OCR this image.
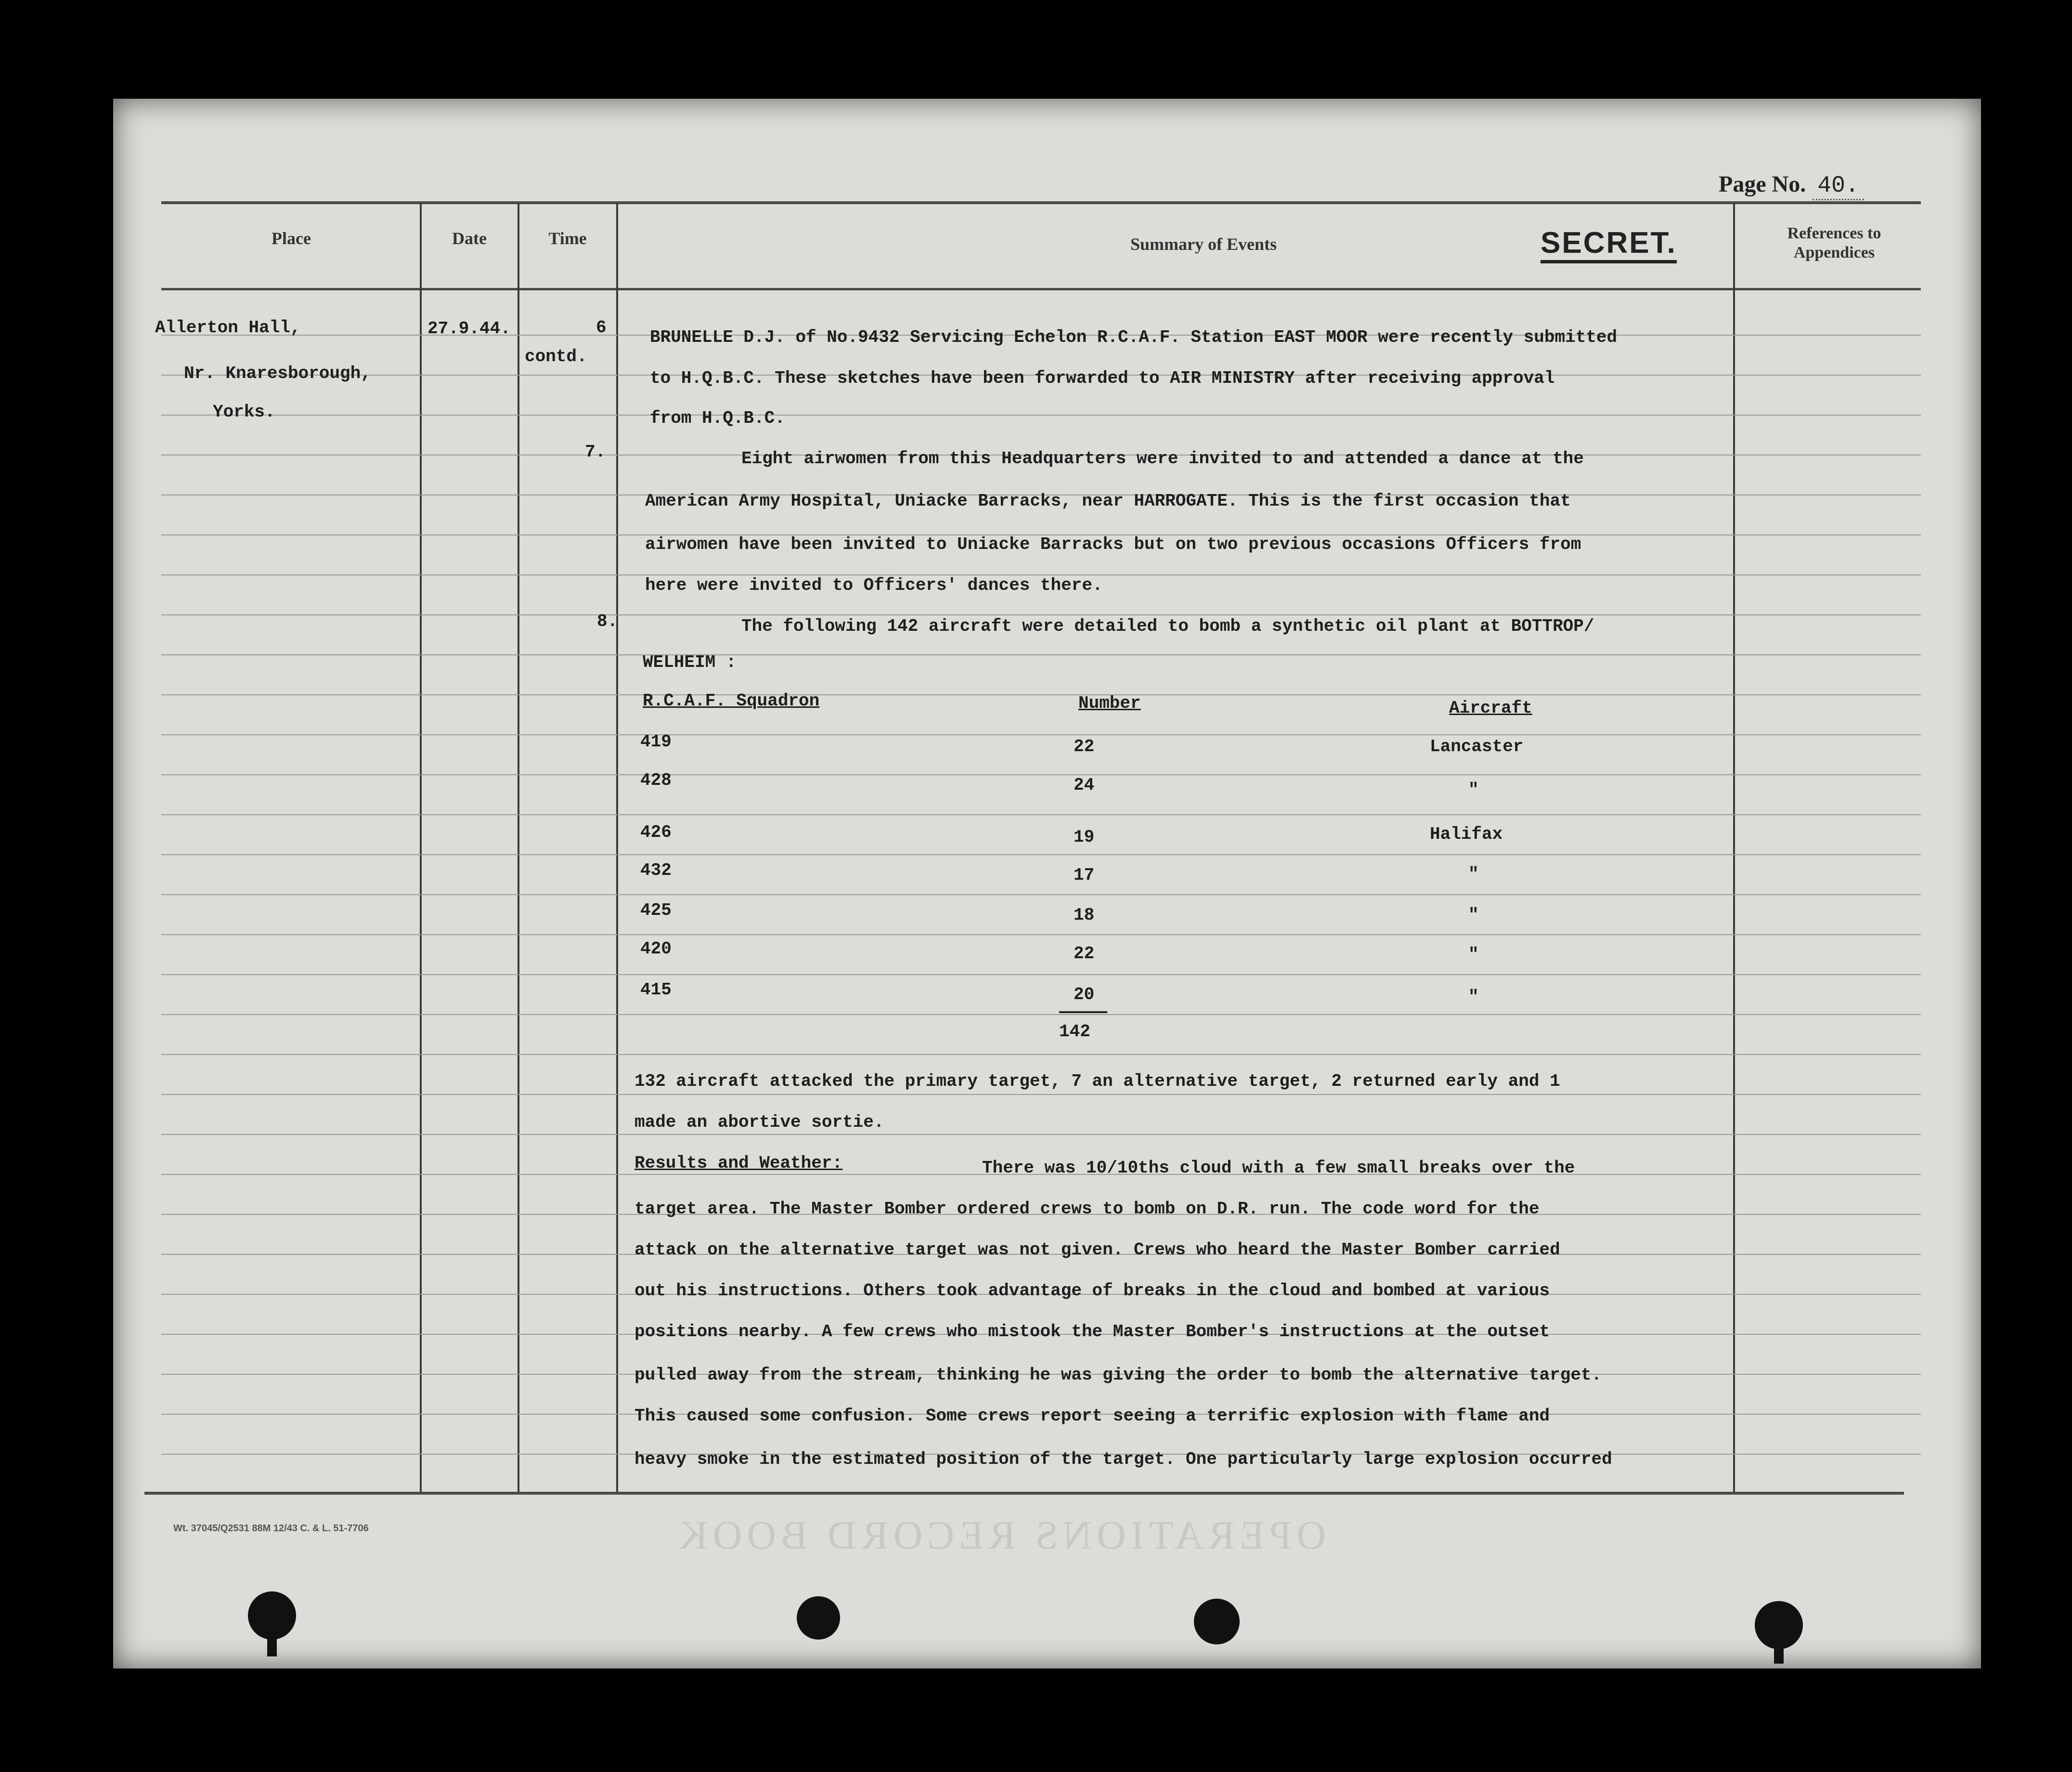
Page No. 40.
Place	Date	Time	Summary of Events
References to Appendices
SECRET.
Allerton Hall,
Nr. Knaresborough,
Yorks.
27.9.44.	6
contd.
7.
8.
BRUNELLE D.J. of No.9432 Servicing Echelon R.C.A.F. Station EAST MOOR were recently submitted
to H.Q.B.C. These sketches have been forwarded to AIR MINISTRY after receiving approval
from H.Q.B.C.
Eight airwomen from this Headquarters were invited to and attended a dance at the
American Army Hospital, Uniacke Barracks, near HARROGATE. This is the first occasion that
airwomen have been invited to Uniacke Barracks but on two previous occasions Officers from
here were invited to Officers' dances there.
The following 142 aircraft were detailed to bomb a synthetic oil plant at BOTTROP/
WELHEIM :
R.C.A.F. Squadron	Number	Aircraft
419	22	Lancaster
428	24	"
426	19	Halifax
432	17	"
425	18	"
420	22	"
415	20	"
142
132 aircraft attacked the primary target, 7 an alternative target, 2 returned early and 1
made an abortive sortie.
Results and Weather:	There was 10/10ths cloud with a few small breaks over the
target area. The Master Bomber ordered crews to bomb on D.R. run. The code word for the
attack on the alternative target was not given. Crews who heard the Master Bomber carried
out his instructions. Others took advantage of breaks in the cloud and bombed at various
positions nearby. A few crews who mistook the Master Bomber's instructions at the outset
pulled away from the stream, thinking he was giving the order to bomb the alternative target.
This caused some confusion. Some crews report seeing a terrific explosion with flame and
heavy smoke in the estimated position of the target. One particularly large explosion occurred
Wt. 37045/Q2531 88M 12/43 C. & L. 51-7706	OPERATIONS RECORD BOOK
